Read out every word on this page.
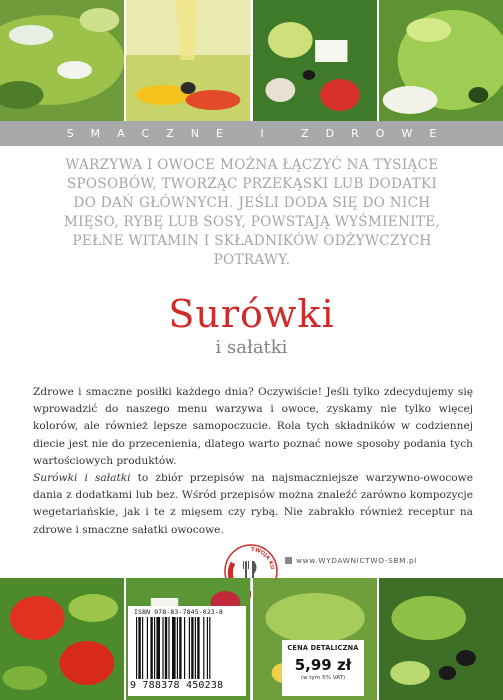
SMACZNE I ZDROWE
WARZYWA I OWOCE MOŻNA ŁĄCZYĆ NA TYSIĄCE SPOSOBÓW, TWORZĄC PRZEKĄSKI LUB DODATKI DO DAŃ GŁÓWNYCH. JEŚLI DODA SIĘ DO NICH MIĘSO, RYBĘ LUB SOSY, POWSTAJĄ WYŚMIENITE, PEŁNE WITAMIN I SKŁADNIKÓW ODŻYWCZYCH POTRAWY.
Surówki
i sałatki

Zdrowe i smaczne posiłki każdego dnia? Oczywiście! Jeśli tylko zdecydujemy się wprowadzić do naszego menu warzywa i owoce, zyskamy nie tylko więcej kolorów, ale również lepsze samopoczucie. Rola tych składników w codziennej diecie jest nie do przecenienia, dlatego warto poznać nowe sposoby podania tych wartościowych produktów.

Surówki i sałatki to zbiór przepisów na najsmaczniejsze warzywno-owocowe dania z dodatkami lub bez. Wśród przepisów można znaleźć zarówno kompozycje wegetariańskie, jak i te z mięsem czy rybą. Nie zabrakło również receptur na zdrowe i smaczne sałatki owocowe.

TWOJA KU
www.WYDAWNICTWO-SBM.pl
ISBN 978-83-7845-023-8
9 788378 450238
CENA DETALICZNA
5,99 zł
(w tym 5% VAT)
